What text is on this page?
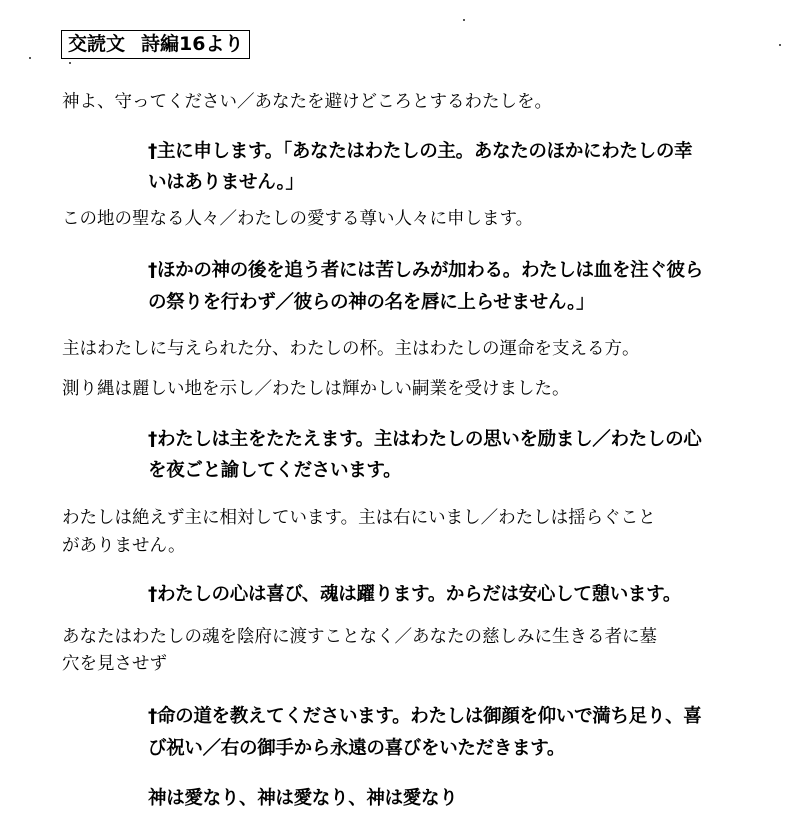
交読文 詩編16より
神よ、守ってください／あなたを避けどころとするわたしを。
†主に申します。「あなたはわたしの主。あなたのほかにわたしの幸
いはありません。」
この地の聖なる人々／わたしの愛する尊い人々に申します。
†ほかの神の後を追う者には苦しみが加わる。わたしは血を注ぐ彼ら
の祭りを行わず／彼らの神の名を唇に上らせません。」
主はわたしに与えられた分、わたしの杯。主はわたしの運命を支える方。
測り縄は麗しい地を示し／わたしは輝かしい嗣業を受けました。
†わたしは主をたたえます。主はわたしの思いを励まし／わたしの心
を夜ごと諭してくださいます。
わたしは絶えず主に相対しています。主は右にいまし／わたしは揺らぐこと
がありません。
†わたしの心は喜び、魂は躍ります。からだは安心して憩います。
あなたはわたしの魂を陰府に渡すことなく／あなたの慈しみに生きる者に墓
穴を見させず
†命の道を教えてくださいます。わたしは御顔を仰いで満ち足り、喜
び祝い／右の御手から永遠の喜びをいただきます。
神は愛なり、神は愛なり、神は愛なり
